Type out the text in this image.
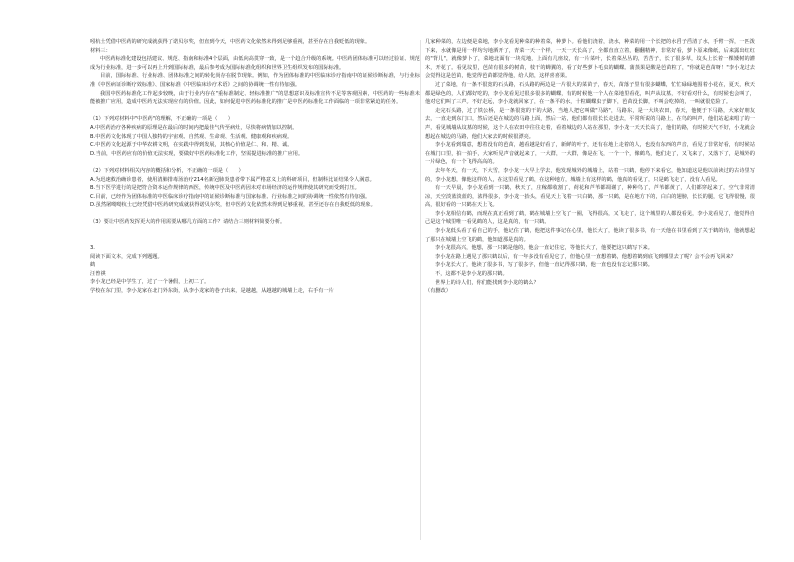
吲杭士凭借中医药的研究成就获得了诺贝尔奖，但直到今天，中医药文化依然未得到足够重视，甚至存在自我贬低的现象。

材料三：

中医药标准化建设包括建议、规范、指南和标准4个层面，由低向高贯穿一致，是一个趋合升级的系统。中医药团体标准可以经过验证、规范成为行业标准，进一步可以再上升到国际标准，最后参考成为国际标准化组织和世界卫生组织发布的国际标准。

目前，国际标准、行业标准、团体标准之间的转化尚存在脱节现象。例如，作为团体标准的中医临床诊疗指南中的证候诊断标准，与行业标准《中医病证诊断疗效标准》、国家标准《中医临床诊疗术语》之间的协调统一性有待加强。

我国中医药标准化工作起步较晚，由于行业内存在"重标准制定、轻标准推广"的思想意识及标准宣传不足等客观因素，中医药的一些标准未能被推广应用，造成中医药无法实现应有的价值。因此，如何促进中医药标准化的推广是中医药标准化工作面临的一项非常紧迫的任务。

（1）下列对材料中"中医药"的理解，不正确的一项是（　　）

A.中医药治疗各种疾病的原理是在最后的时间内把最佳气传至病灶，尽快将病情加以控制。

B.中医药文化体现了中国人独特的宇宙观、自然观、生命观、生活观、健康观和疾病观。

C.中医药文化起源于中华农耕文明，在实践中得到发展，其核心价值是仁、和、精、诚。

D.当前，中医药应有的价值无法实现，要做好中医药标准化工作，坚需提进标准的推广应用。

（2）下列对材料相关内容的概括和分析，不正确的一项是（　　）

A.为迅速救治确诊患者，使用清肺排毒汤治疗214名新冠肺炎患者带下属严格意义上的科研项目，但制科比证结果令人满意。

B.当下医学进行的是把符合资本运作规律的西医，传统中医及中医药因未对市场经济的运作规律使其研究而受到打压。

C.目前，已经作为团体标准的中医临床诊疗指南中的证候诊断标准与国家标准、行业标准之间的协调统一性依然有待加强。

D.虽然屠呦呦杭士已经凭借中医药研究成就获得诺贝尔奖，但中医药文化依然未得到足够重视，甚至还存在自我贬低的现象。

（3）要让中医药发挥更大的作用需要从哪几方面的工作？请结合三则材料简要分析。

3.

阅读下面文本，完成下列题题。

鹤

汪曾祺

李小龙已经是中学生了，过了一个暑假，上初二了。

学校在东门里，李小龙家在北门外东街，从李小龙家的巷子出来，是越越，从越越的城墙上走，右手有一片

几家种菜的，左边便是菜地，李小龙看见种菜的种着菜，种萝卜。看他们浇着，浇水，种菜的用一个长把的水舀子舀清了水，手臂一挥，一匹泼下来，水就像是用一样均匀地洒开了，青菜一天一个样，一天一天长高了，全都直直立着，翻翻精神，非常好看，萝卜原来像纸，后来露出红红的"背儿"，就像萝卜了，菜地北面有一块荒地，上面有几座坟，有一片菜叶，长着菜丛丛的，苦苦子，长了很多草，坟头上长着一棵矮树的灌木，开花了。看见坟里，芭苗有很多的树苗，枝干的蝉翼的，看了好些萝卜毛虫的蝴蝶。蒲蒸果是酸是芭苗粒了，"你就是芭苗呀！"李小龙过去会觉得这是芭苗，他觉得芭苗都觉得他，给人陪，这样喜喜果。

过了菜地，有一条不很宽的石头路，石头路的两边是一片很大的菜苗子，春天，苗落子里有很多蝴蝶，忙忙碌碌地围着小花在，夏天，秋天都是绿色的，人们都好吃的，李小龙看见过很多很多的蝴蝶，有的时候他一个人在菜地里看花，叫声从坟墓，不好看对什么，有时候也会叫了，他对它们叫了三声。不好走远，李小龙就回家了，在一条平的水，十粒蝴蝶虫子脚下，芭苗没长脚，不叫会吃掉的，一叫就很危险了。

走完石头路，过了铁公桥，是一条很宽的干的大路，当地人把它叫做"马路"，马路东，是一大块农田，春天，他便于下马路，大家好朋友去，一直走到东门口，然后还是在城边的马路上面，然后一站，他们都有很长长走进去，平常所说的马路上，在鸟的叫声，他们站起来唱了的一声，看见城墙从坟墓的时候，这个人在农田中往往走着，看着城边的人站在那里，李小龙一天天长高了，他们的路，有时候天气不好，小龙就会想起在城边的马路，他们大家去的时候很漂亮。

李小龙看到瑞意，想着没有的芭苗，越看越是好看了，新鲜的叶子，还有在地上走着的人，也没有东西的声音，看见了非常好看，有时候站在城门口里，拍一拍手，大家听见声音就起来了，一大群，一大群，像是在飞，一个一个，像鹤鸟，他们走了，又飞来了，又落下了，是城外的一片绿色，有一个飞得高高的。

去年冬天，有一天，下大雪，李小龙一大早上学去，他发现城外的城墙上，站着一只鹤，他停下来看它，他知道这是他以前读过的古诗里写的，李小龙想，像他这样的人，在这里看见了鹤，在这种地方，城墙上有这样的鹤，他真的看见了，只是鹤飞走了，没有人看见。

有一天早晨，李小龙看到一只鹤，秋天了，庄稼都收割了，荷花和芦苇都凋谢了，种种鸟了，芦苇都黄了，人们都穿起来了，空气非常清凉，天空淡蓝淡蓝的，浓得很多，李小龙一抬头，看见天上飞着一只白鹤，那一只鹤，是在地方下的，白白的翅膀，长长的腿，它飞得很慢，很高，很好看的一只鹤在天上飞。

李小龙相信有鹤，而现在真正看到了鹤，鹤在城墙上空飞了一圈，飞得很高，又飞走了，这个城里的人都没看见，李小龙看见了，他觉得自己是这个城里唯一看见鹤的人，这是真的，有一只鹤。

李小龙低头看了看自己的手，他记住了鹤，他把这件事记在心里，他长大了，他读了很多书，有一天他在书里看到了关于鹤的诗，他就想起了那只在城墙上空飞的鹤，他知道那是真的。

李小龙很高兴，他想，那一只鹤是他的，他会一直记住它，等他长大了，他要把这只鹤写下来。

李小龙在路上遇见了那只鹤以后，有一年多没有看见它了，但他心里一直想着鹤，他想着鹤到底飞到哪里去了呢？会不会再飞回来？

李小龙长大了，他读了很多书，写了很多字，但他一直记得那只鹤，他一直也没有忘记那只鹤。

不，这都不是李小龙的那只鹤。

世界上的诗人们，你们能找到李小龙的鹤么？

（有删改）
